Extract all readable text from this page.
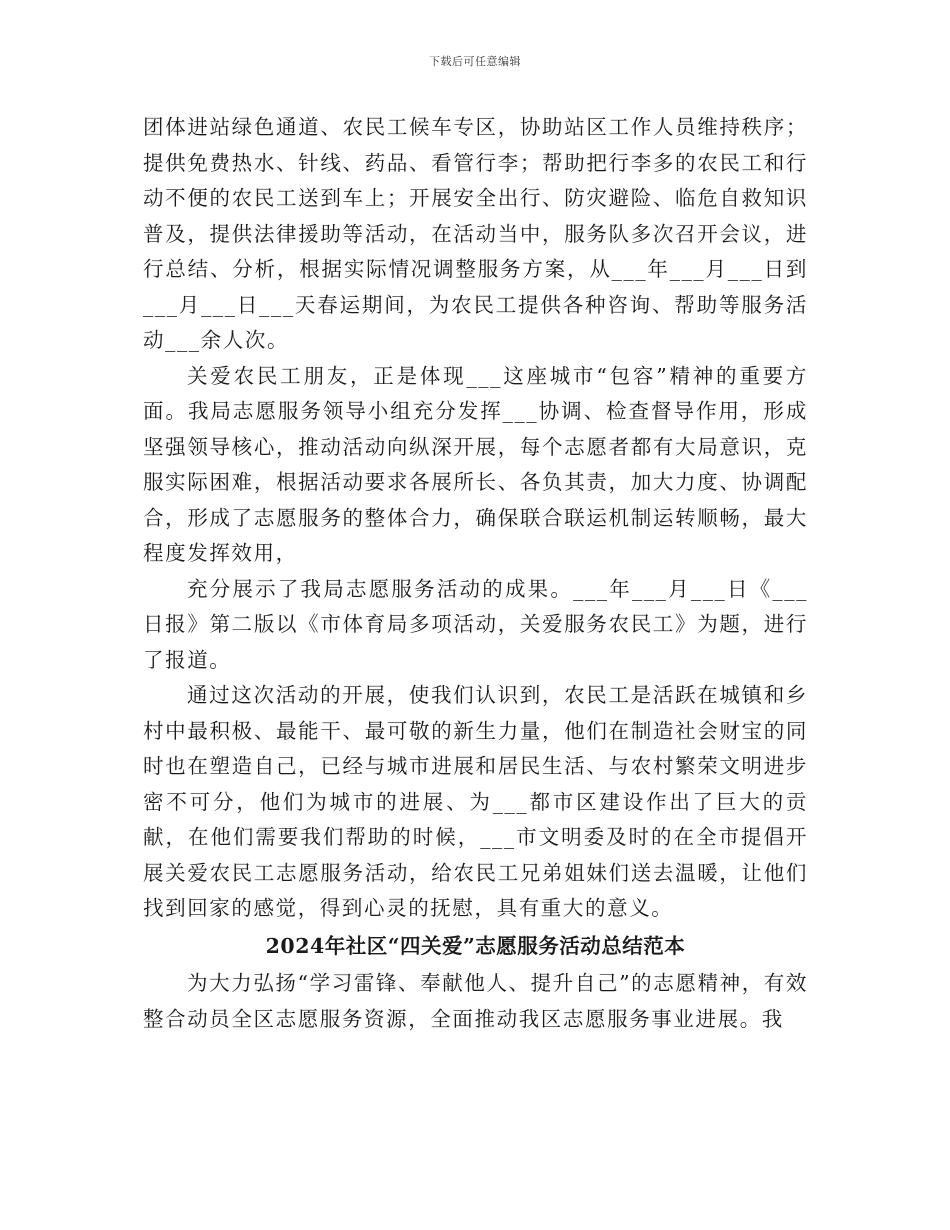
下载后可任意编辑

团体进站绿色通道、农民工候车专区，协助站区工作人员维持秩序；提供免费热水、针线、药品、看管行李；帮助把行李多的农民工和行动不便的农民工送到车上；开展安全出行、防灾避险、临危自救知识普及，提供法律援助等活动，在活动当中，服务队多次召开会议，进行总结、分析，根据实际情况调整服务方案，从___年___月___日到___月___日___天春运期间，为农民工提供各种咨询、帮助等服务活动___余人次。

关爱农民工朋友，正是体现___这座城市“包容”精神的重要方面。我局志愿服务领导小组充分发挥___协调、检查督导作用，形成坚强领导核心，推动活动向纵深开展，每个志愿者都有大局意识，克服实际困难，根据活动要求各展所长、各负其责，加大力度、协调配合，形成了志愿服务的整体合力，确保联合联运机制运转顺畅，最大程度发挥效用，

充分展示了我局志愿服务活动的成果。___年___月___日《___日报》第二版以《市体育局多项活动，关爱服务农民工》为题，进行了报道。

通过这次活动的开展，使我们认识到，农民工是活跃在城镇和乡村中最积极、最能干、最可敬的新生力量，他们在制造社会财宝的同时也在塑造自己，已经与城市进展和居民生活、与农村繁荣文明进步密不可分，他们为城市的进展、为___都市区建设作出了巨大的贡献，在他们需要我们帮助的时候，___市文明委及时的在全市提倡开展关爱农民工志愿服务活动，给农民工兄弟姐妹们送去温暖，让他们找到回家的感觉，得到心灵的抚慰，具有重大的意义。

2024年社区“四关爱”志愿服务活动总结范本

为大力弘扬“学习雷锋、奉献他人、提升自己”的志愿精神，有效整合动员全区志愿服务资源，全面推动我区志愿服务事业进展。我
